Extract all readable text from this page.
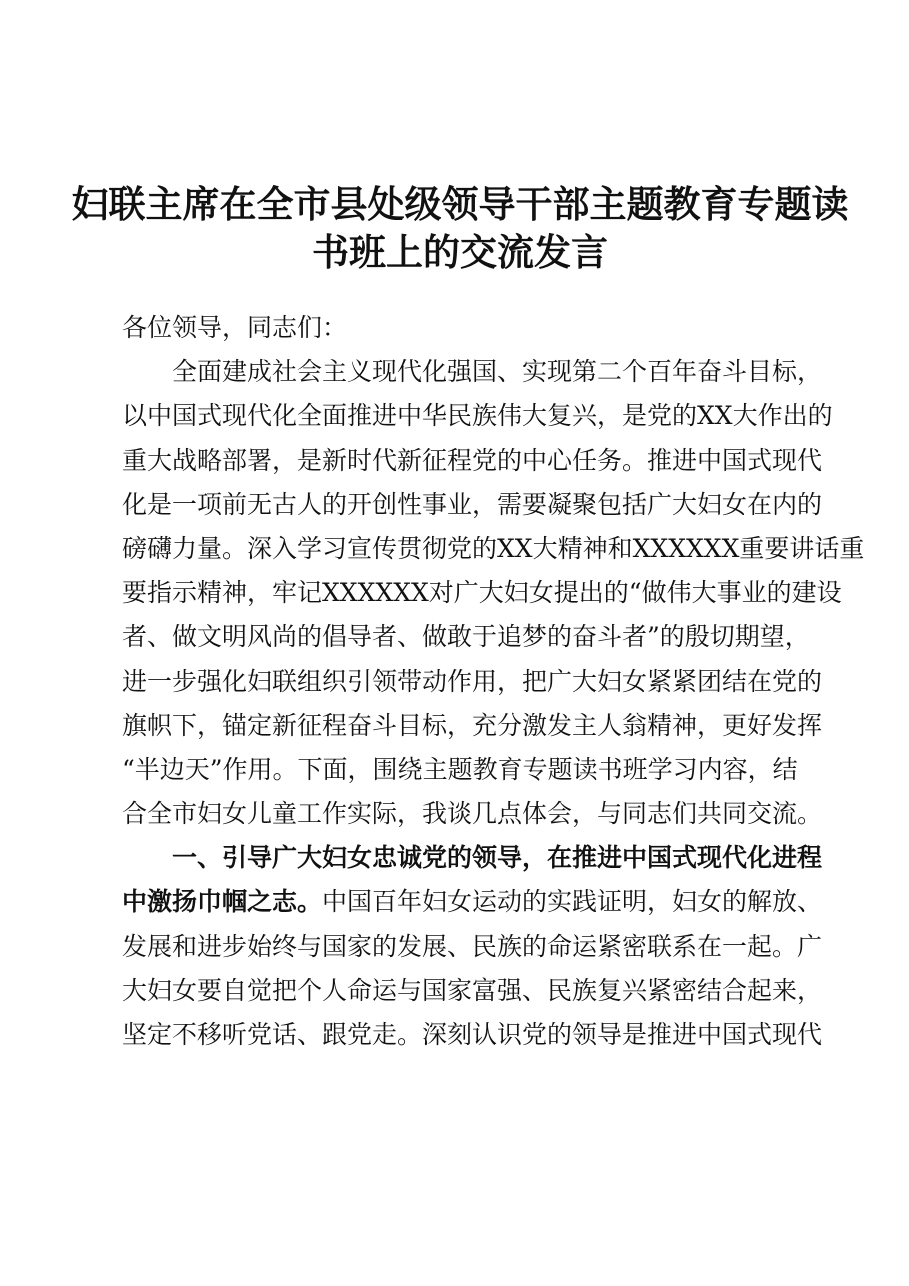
妇联主席在全市县处级领导干部主题教育专题读
书班上的交流发言
各位领导，同志们：
全面建成社会主义现代化强国、实现第二个百年奋斗目标，
以中国式现代化全面推进中华民族伟大复兴，是党的XX大作出的
重大战略部署，是新时代新征程党的中心任务。推进中国式现代
化是一项前无古人的开创性事业，需要凝聚包括广大妇女在内的
磅礴力量。深入学习宣传贯彻党的XX大精神和XXXXXX重要讲话重
要指示精神，牢记XXXXXX对广大妇女提出的“做伟大事业的建设
者、做文明风尚的倡导者、做敢于追梦的奋斗者”的殷切期望，
进一步强化妇联组织引领带动作用，把广大妇女紧紧团结在党的
旗帜下，锚定新征程奋斗目标，充分激发主人翁精神，更好发挥
“半边天”作用。下面，围绕主题教育专题读书班学习内容，结
合全市妇女儿童工作实际，我谈几点体会，与同志们共同交流。
一、引导广大妇女忠诚党的领导，在推进中国式现代化进程
中激扬巾帼之志。中国百年妇女运动的实践证明，妇女的解放、
发展和进步始终与国家的发展、民族的命运紧密联系在一起。广
大妇女要自觉把个人命运与国家富强、民族复兴紧密结合起来，
坚定不移听党话、跟党走。深刻认识党的领导是推进中国式现代
